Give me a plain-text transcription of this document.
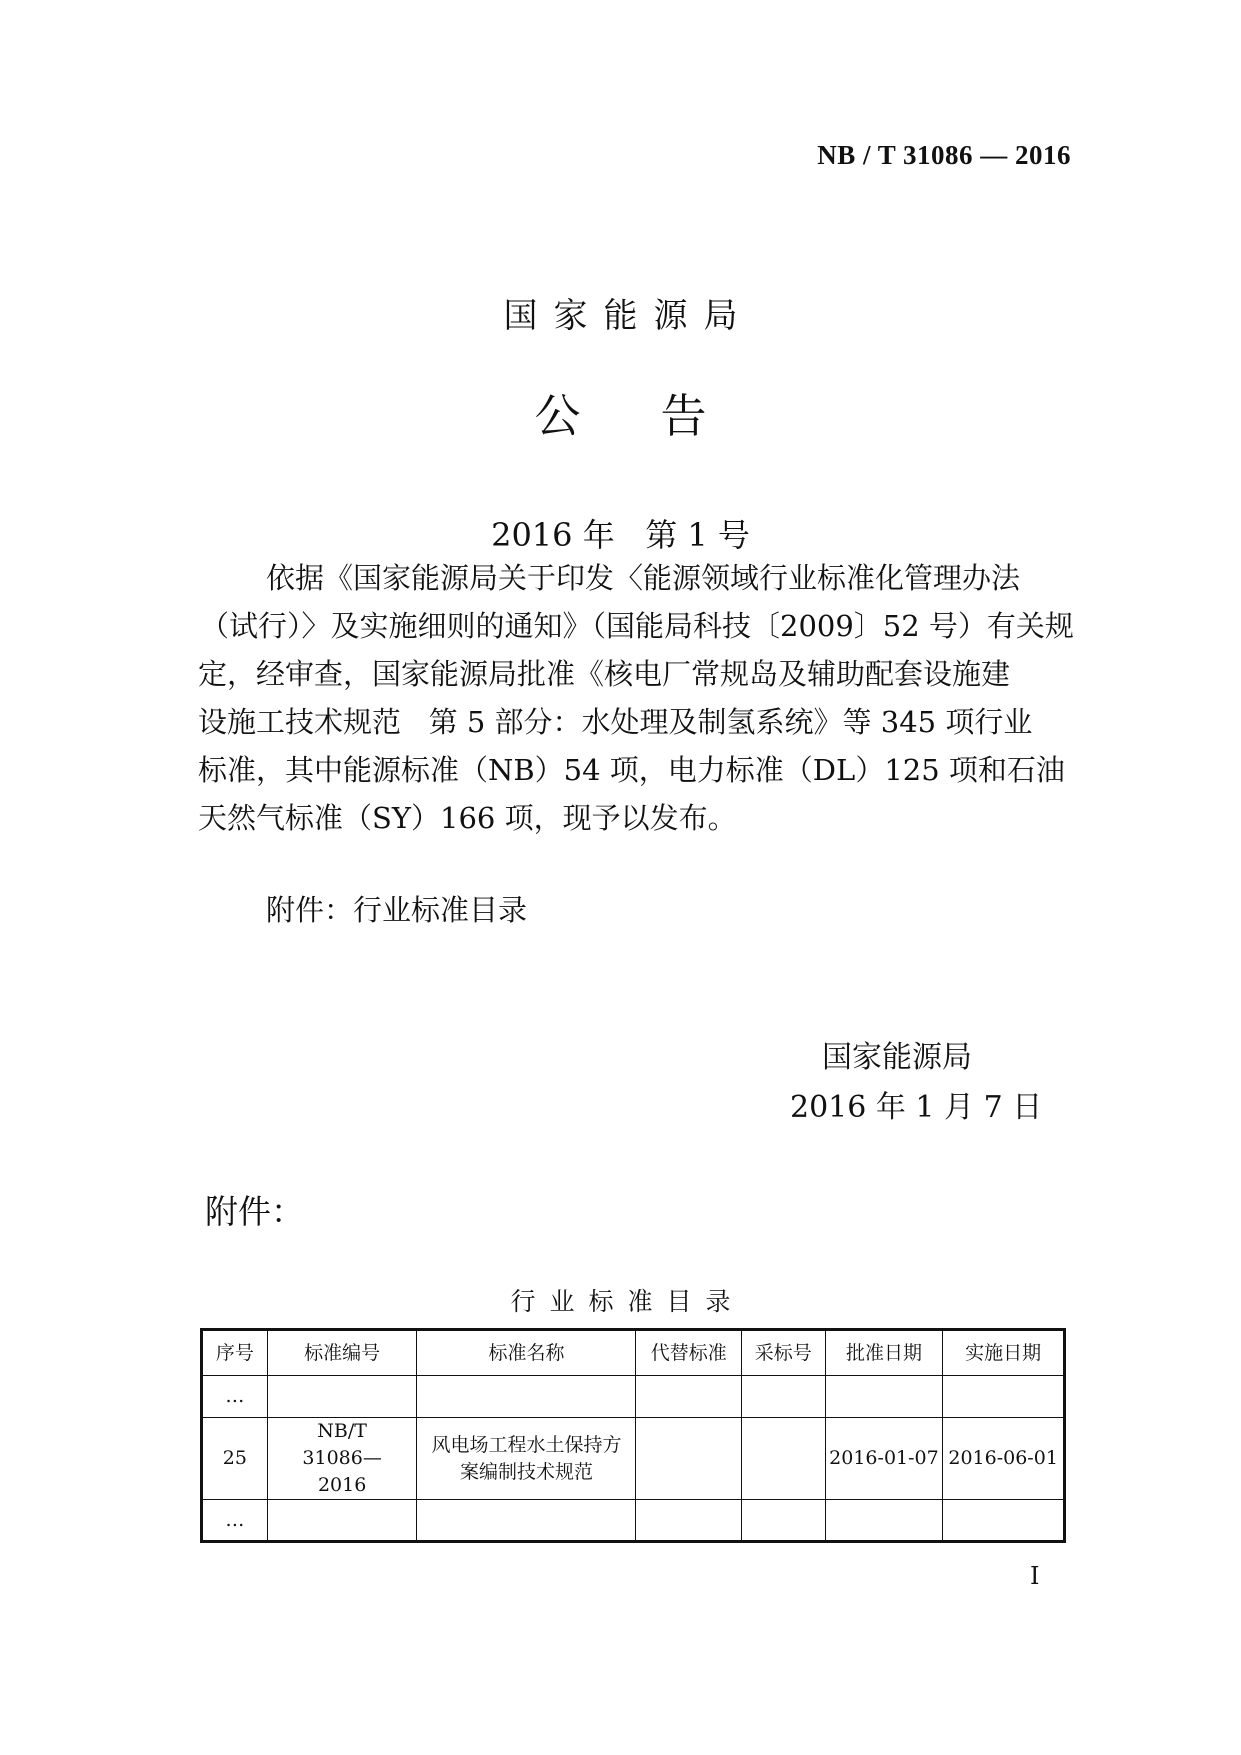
NB / T 31086 — 2016
国家能源局
公告
2016 年   第 1 号
依据《国家能源局关于印发〈能源领域行业标准化管理办法
（试行）〉及实施细则的通知》（国能局科技〔2009〕52 号）有关规
定，经审查，国家能源局批准《核电厂常规岛及辅助配套设施建
设施工技术规范   第 5 部分：水处理及制氢系统》等 345 项行业
标准，其中能源标准（NB）54 项，电力标准（DL）125 项和石油
天然气标准（SY）166 项，现予以发布。
附件：行业标准目录
国家能源局
2016 年 1 月 7 日
附件：
行业标准目录
序号	标准编号	标准名称	代替标准	采标号	批准日期	实施日期
…						
25	NB/T 31086—2016	风电场工程水土保持方案编制技术规范			2016-01-07	2016-06-01
…						
I
